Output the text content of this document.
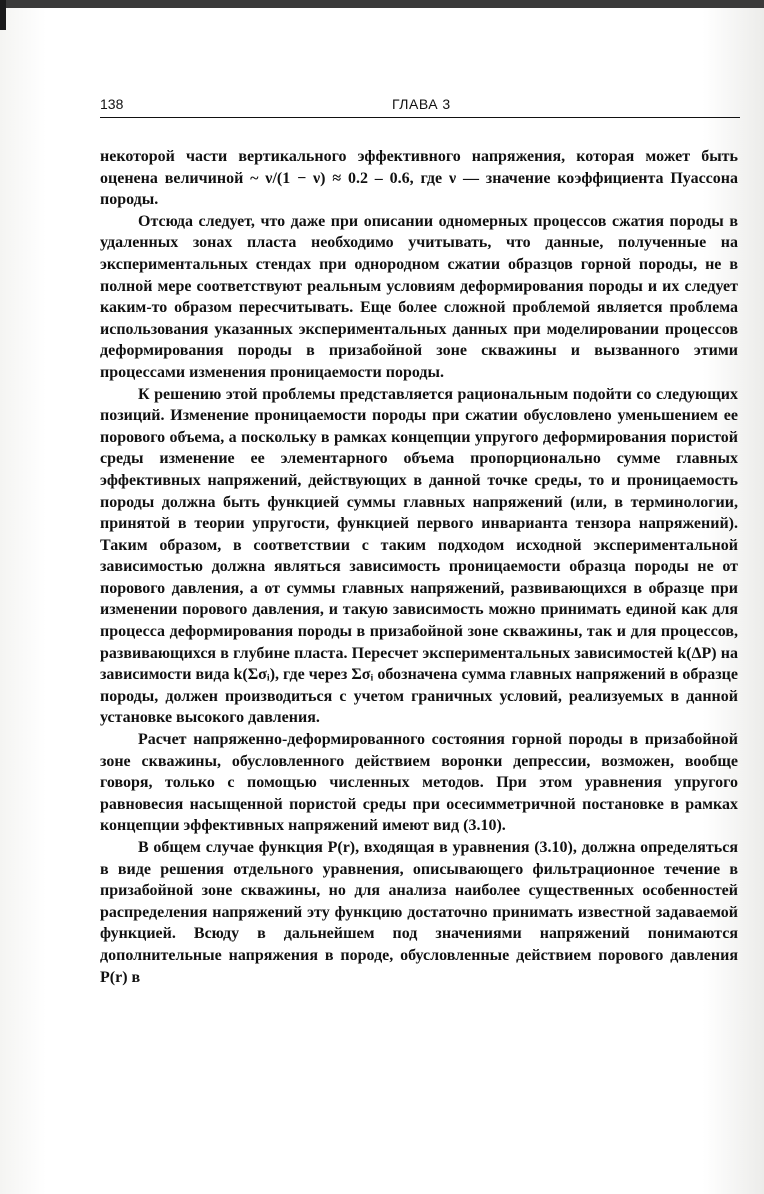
138	ГЛАВА 3

некоторой части вертикального эффективного напряжения, которая может быть оценена величиной ~ ν/(1 − ν) ≈ 0.2 – 0.6, где ν — значение коэффициента Пуассона породы.

Отсюда следует, что даже при описании одномерных процессов сжатия породы в удаленных зонах пласта необходимо учитывать, что данные, полученные на экспериментальных стендах при однородном сжатии образцов горной породы, не в полной мере соответствуют реальным условиям деформирования породы и их следует каким-то образом пересчитывать. Еще более сложной проблемой является проблема использования указанных экспериментальных данных при моделировании процессов деформирования породы в призабойной зоне скважины и вызванного этими процессами изменения проницаемости породы.

К решению этой проблемы представляется рациональным подойти со следующих позиций. Изменение проницаемости породы при сжатии обусловлено уменьшением ее порового объема, а поскольку в рамках концепции упругого деформирования пористой среды изменение ее элементарного объема пропорционально сумме главных эффективных напряжений, действующих в данной точке среды, то и проницаемость породы должна быть функцией суммы главных напряжений (или, в терминологии, принятой в теории упругости, функцией первого инварианта тензора напряжений). Таким образом, в соответствии с таким подходом исходной экспериментальной зависимостью должна являться зависимость проницаемости образца породы не от порового давления, а от суммы главных напряжений, развивающихся в образце при изменении порового давления, и такую зависимость можно принимать единой как для процесса деформирования породы в призабойной зоне скважины, так и для процессов, развивающихся в глубине пласта. Пересчет экспериментальных зависимостей k(ΔP) на зависимости вида k(Σσᵢ), где через Σσᵢ обозначена сумма главных напряжений в образце породы, должен производиться с учетом граничных условий, реализуемых в данной установке высокого давления.

Расчет напряженно-деформированного состояния горной породы в призабойной зоне скважины, обусловленного действием воронки депрессии, возможен, вообще говоря, только с помощью численных методов. При этом уравнения упругого равновесия насыщенной пористой среды при осесимметричной постановке в рамках концепции эффективных напряжений имеют вид (3.10).

В общем случае функция P(r), входящая в уравнения (3.10), должна определяться в виде решения отдельного уравнения, описывающего фильтрационное течение в призабойной зоне скважины, но для анализа наиболее существенных особенностей распределения напряжений эту функцию достаточно принимать известной задаваемой функцией. Всюду в дальнейшем под значениями напряжений понимаются дополнительные напряжения в породе, обусловленные действием порового давления P(r) в
